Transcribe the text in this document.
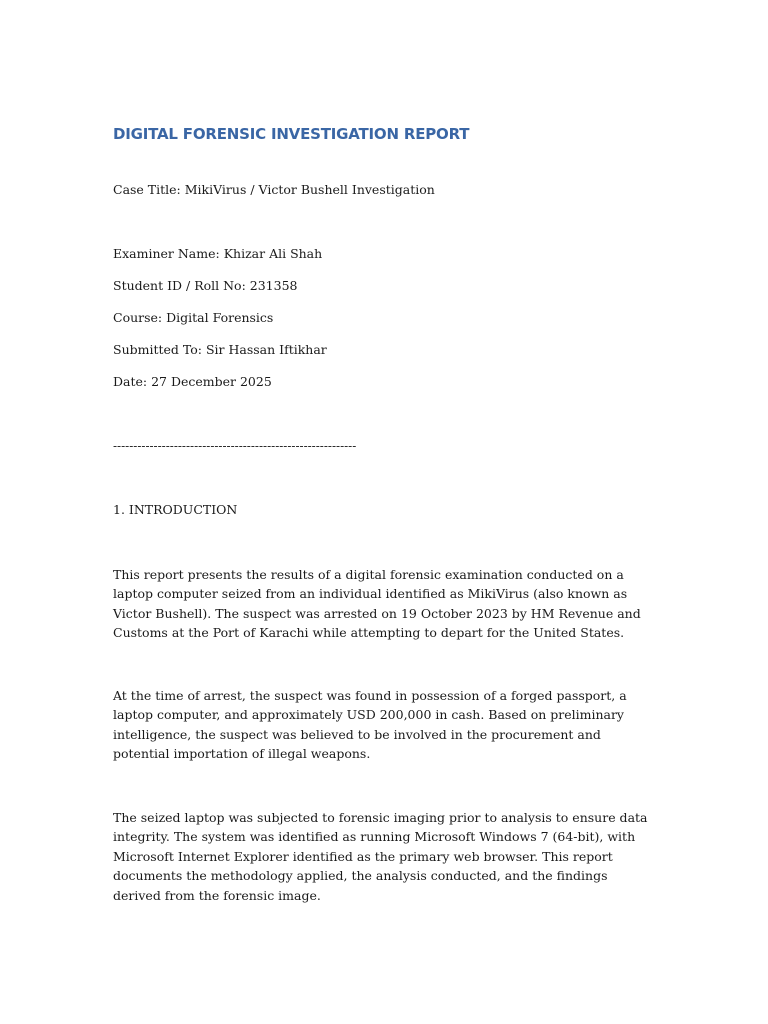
DIGITAL FORENSIC INVESTIGATION REPORT

Case Title: MikiVirus / Victor Bushell Investigation

Examiner Name: Khizar Ali Shah

Student ID / Roll No: 231358

Course: Digital Forensics

Submitted To: Sir Hassan Iftikhar

Date: 27 December 2025

------------------------------------------------------------

1. INTRODUCTION

This report presents the results of a digital forensic examination conducted on a laptop computer seized from an individual identified as MikiVirus (also known as Victor Bushell). The suspect was arrested on 19 October 2023 by HM Revenue and Customs at the Port of Karachi while attempting to depart for the United States.

At the time of arrest, the suspect was found in possession of a forged passport, a laptop computer, and approximately USD 200,000 in cash. Based on preliminary intelligence, the suspect was believed to be involved in the procurement and potential importation of illegal weapons.

The seized laptop was subjected to forensic imaging prior to analysis to ensure data integrity. The system was identified as running Microsoft Windows 7 (64-bit), with Microsoft Internet Explorer identified as the primary web browser. This report documents the methodology applied, the analysis conducted, and the findings derived from the forensic image.
